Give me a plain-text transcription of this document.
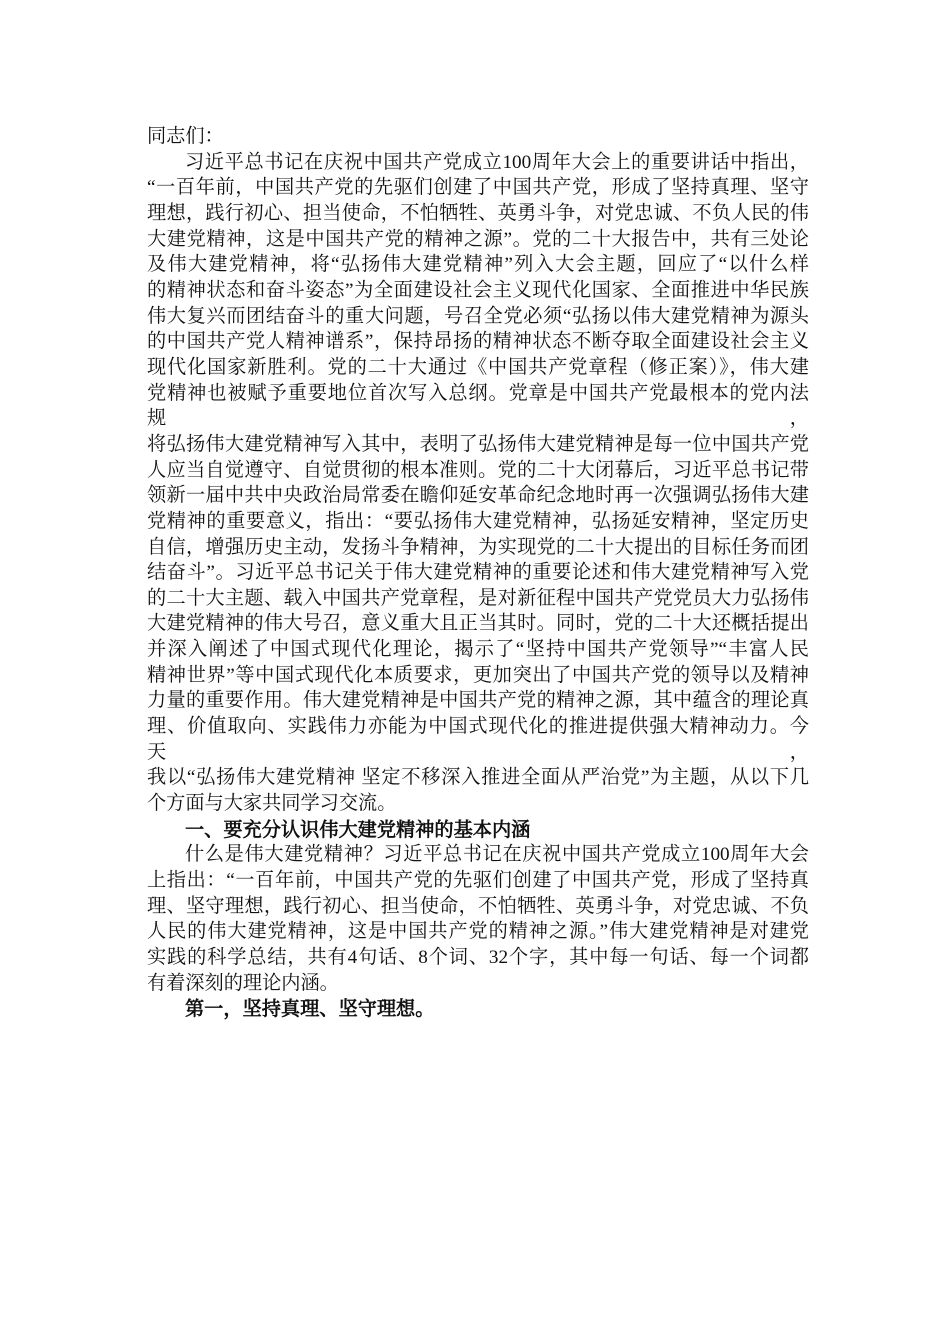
同志们：
习近平总书记在庆祝中国共产党成立100周年大会上的重要讲话中指出，
“一百年前，中国共产党的先驱们创建了中国共产党，形成了坚持真理、坚守
理想，践行初心、担当使命，不怕牺牲、英勇斗争，对党忠诚、不负人民的伟
大建党精神，这是中国共产党的精神之源”。党的二十大报告中，共有三处论
及伟大建党精神，将“弘扬伟大建党精神”列入大会主题，回应了“以什么样
的精神状态和奋斗姿态”为全面建设社会主义现代化国家、全面推进中华民族
伟大复兴而团结奋斗的重大问题，号召全党必须“弘扬以伟大建党精神为源头
的中国共产党人精神谱系”，保持昂扬的精神状态不断夺取全面建设社会主义
现代化国家新胜利。党的二十大通过《中国共产党章程（修正案）》，伟大建
党精神也被赋予重要地位首次写入总纲。党章是中国共产党最根本的党内法规，
将弘扬伟大建党精神写入其中，表明了弘扬伟大建党精神是每一位中国共产党
人应当自觉遵守、自觉贯彻的根本准则。党的二十大闭幕后，习近平总书记带
领新一届中共中央政治局常委在瞻仰延安革命纪念地时再一次强调弘扬伟大建
党精神的重要意义，指出：“要弘扬伟大建党精神，弘扬延安精神，坚定历史
自信，增强历史主动，发扬斗争精神，为实现党的二十大提出的目标任务而团
结奋斗”。习近平总书记关于伟大建党精神的重要论述和伟大建党精神写入党
的二十大主题、载入中国共产党章程，是对新征程中国共产党党员大力弘扬伟
大建党精神的伟大号召，意义重大且正当其时。同时，党的二十大还概括提出
并深入阐述了中国式现代化理论，揭示了“坚持中国共产党领导”“丰富人民
精神世界”等中国式现代化本质要求，更加突出了中国共产党的领导以及精神
力量的重要作用。伟大建党精神是中国共产党的精神之源，其中蕴含的理论真
理、价值取向、实践伟力亦能为中国式现代化的推进提供强大精神动力。今天，
我以“弘扬伟大建党精神 坚定不移深入推进全面从严治党”为主题，从以下几
个方面与大家共同学习交流。
一、要充分认识伟大建党精神的基本内涵
什么是伟大建党精神？习近平总书记在庆祝中国共产党成立100周年大会
上指出：“一百年前，中国共产党的先驱们创建了中国共产党，形成了坚持真
理、坚守理想，践行初心、担当使命，不怕牺牲、英勇斗争，对党忠诚、不负
人民的伟大建党精神，这是中国共产党的精神之源。”伟大建党精神是对建党
实践的科学总结，共有4句话、8个词、32个字，其中每一句话、每一个词都
有着深刻的理论内涵。
第一，坚持真理、坚守理想。
